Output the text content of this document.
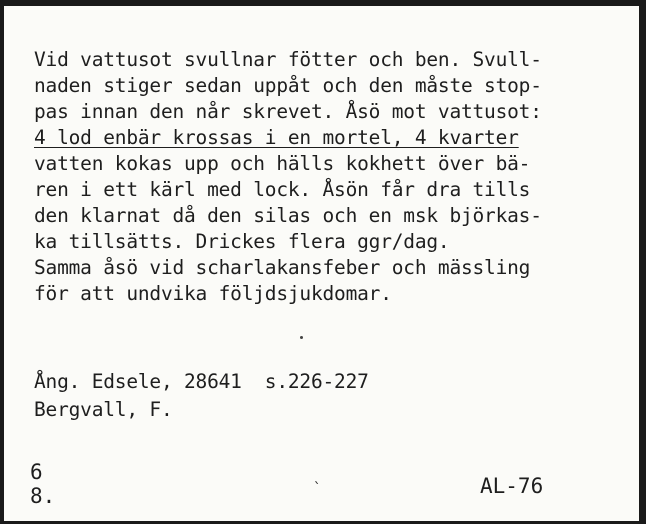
Vid vattusot svullnar fötter och ben. Svull-

naden stiger sedan uppåt och den måste stop-

pas innan den når skrevet. Åsö mot vattusot:

4 lod enbär krossas i en mortel, 4 kvarter

vatten kokas upp och hälls kokhett över bä-

ren i ett kärl med lock. Åsön får dra tills

den klarnat då den silas och en msk björkas-

ka tillsätts. Drickes flera ggr/dag.

Samma åsö vid scharlakansfeber och mässling

för att undvika följdsjukdomar.

Ång. Edsele, 28641  s.226-227

Bergvall, F.

6

8.	`	AL-76
